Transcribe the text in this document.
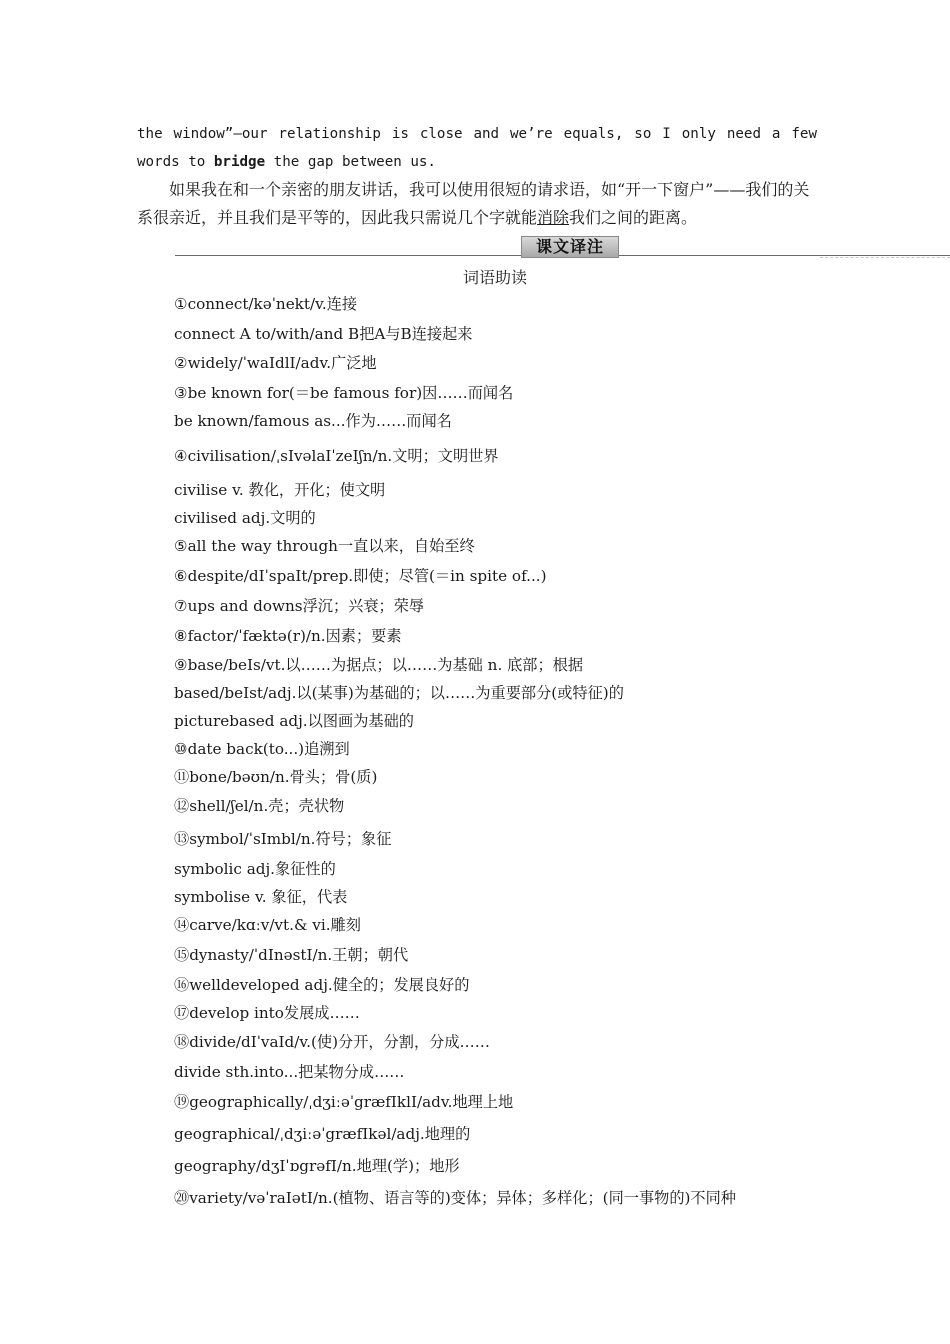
the window”—our relationship is close and we’re equals, so I only need a few words to bridge the gap between us.

如果我在和一个亲密的朋友讲话，我可以使用很短的请求语，如“开一下窗户”——我们的关系很亲近，并且我们是平等的，因此我只需说几个字就能消除我们之间的距离。

课文译注
词语助读
①connect/kəˈnekt/v.连接
connect A to/with/and B把A与B连接起来
②widely/ˈwaIdlI/adv.广泛地
③be known for(＝be famous for)因……而闻名
be known/famous as...作为……而闻名
④civilisation/ˌsIvəlaIˈzeIʃn/n.文明；文明世界
civilise v. 教化，开化；使文明
civilised adj.文明的
⑤all the way through一直以来，自始至终
⑥despite/dIˈspaIt/prep.即使；尽管(＝in spite of...)
⑦ups and downs浮沉；兴衰；荣辱
⑧factor/ˈfæktə(r)/n.因素；要素
⑨base/beIs/vt.以……为据点；以……为基础 n. 底部；根据
based/beIst/adj.以(某事)为基础的；以……为重要部分(或特征)的
picturebased adj.以图画为基础的
⑩date back(to...)追溯到
⑪bone/bəʊn/n.骨头；骨(质)
⑫shell/ʃel/n.壳；壳状物
⑬symbol/ˈsImbl/n.符号；象征
symbolic adj.象征性的
symbolise v. 象征，代表
⑭carve/kɑːv/vt.& vi.雕刻
⑮dynasty/ˈdInəstI/n.王朝；朝代
⑯welldeveloped adj.健全的；发展良好的
⑰develop into发展成……
⑱divide/dIˈvaId/v.(使)分开，分割，分成……
divide sth.into...把某物分成……
⑲geographically/ˌdʒiːəˈgræfIklI/adv.地理上地
geographical/ˌdʒiːəˈgræfIkəl/adj.地理的
geography/dʒIˈɒgrəfI/n.地理(学)；地形
⑳variety/vəˈraIətI/n.(植物、语言等的)变体；异体；多样化；(同一事物的)不同种
